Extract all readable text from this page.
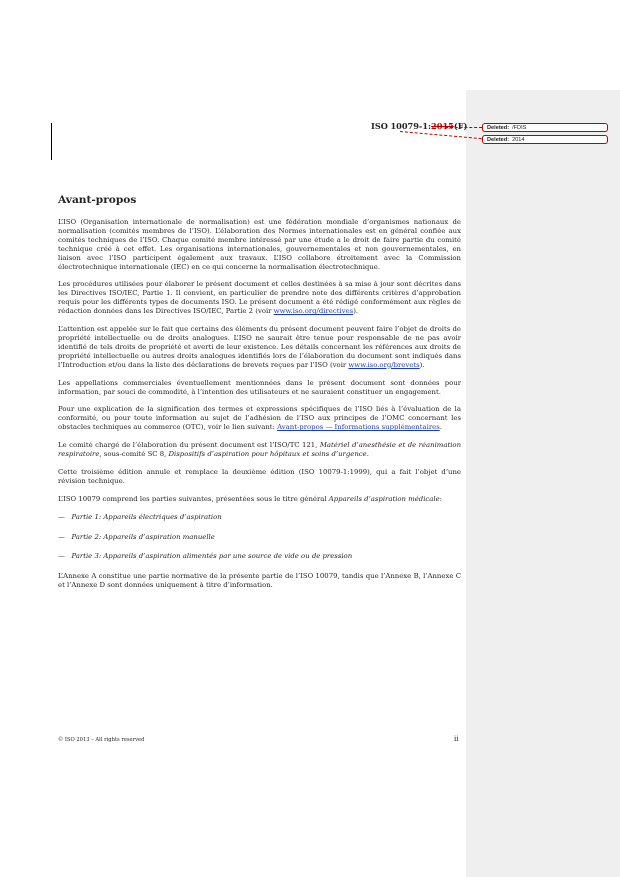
ISO 10079-1:2015(F)	Deleted: /FDIS
Deleted: 2014
Avant-propos

L’ISO (Organisation internationale de normalisation) est une fédération mondiale d’organismes nationaux de normalisation (comités membres de l’ISO). L’élaboration des Normes internationales est en général confiée aux comités techniques de l’ISO. Chaque comité membre intéressé par une étude a le droit de faire partie du comité technique créé à cet effet. Les organisations internationales, gouvernementales et non gouvernementales, en liaison avec l’ISO participent également aux travaux. L’ISO collabore étroitement avec la Commission électrotechnique internationale (IEC) en ce qui concerne la normalisation électrotechnique.

Les procédures utilisées pour élaborer le présent document et celles destinées à sa mise à jour sont décrites dans les Directives ISO/IEC, Partie 1. Il convient, en particulier de prendre note des différents critères d’approbation requis pour les différents types de documents ISO. Le présent document a été rédigé conformément aux règles de rédaction données dans les Directives ISO/IEC, Partie 2 (voir www.iso.org/directives).

L’attention est appelée sur le fait que certains des éléments du présent document peuvent faire l’objet de droits de propriété intellectuelle ou de droits analogues. L’ISO ne saurait être tenue pour responsable de ne pas avoir identifié de tels droits de propriété et averti de leur existence. Les détails concernant les références aux droits de propriété intellectuelle ou autres droits analogues identifiés lors de l’élaboration du document sont indiqués dans l’Introduction et/ou dans la liste des déclarations de brevets reçues par l’ISO (voir www.iso.org/brevets).

Les appellations commerciales éventuellement mentionnées dans le présent document sont données pour information, par souci de commodité, à l’intention des utilisateurs et ne sauraient constituer un engagement.

Pour une explication de la signification des termes et expressions spécifiques de l’ISO liés à l’évaluation de la conformité, ou pour toute information au sujet de l’adhésion de l’ISO aux principes de l’OMC concernant les obstacles techniques au commerce (OTC), voir le lien suivant: Avant-propos — Informations supplémentaires.

Le comité chargé de l’élaboration du présent document est l’ISO/TC 121, Matériel d’anesthésie et de réanimation respiratoire, sous-comité SC 8, Dispositifs d’aspiration pour hôpitaux et soins d’urgence.

Cette troisième édition annule et remplace la deuxième édition (ISO 10079-1:1999), qui a fait l’objet d’une révision technique.

L’ISO 10079 comprend les parties suivantes, présentées sous le titre général Appareils d’aspiration médicale:

— Partie 1: Appareils électriques d’aspiration

— Partie 2: Appareils d’aspiration manuelle

— Partie 3: Appareils d’aspiration alimentés par une source de vide ou de pression

L’Annexe A constitue une partie normative de la présente partie de l’ISO 10079, tandis que l’Annexe B, l’Annexe C et l’Annexe D sont données uniquement à titre d’information.

© ISO 2013 – All rights reserved	ii
